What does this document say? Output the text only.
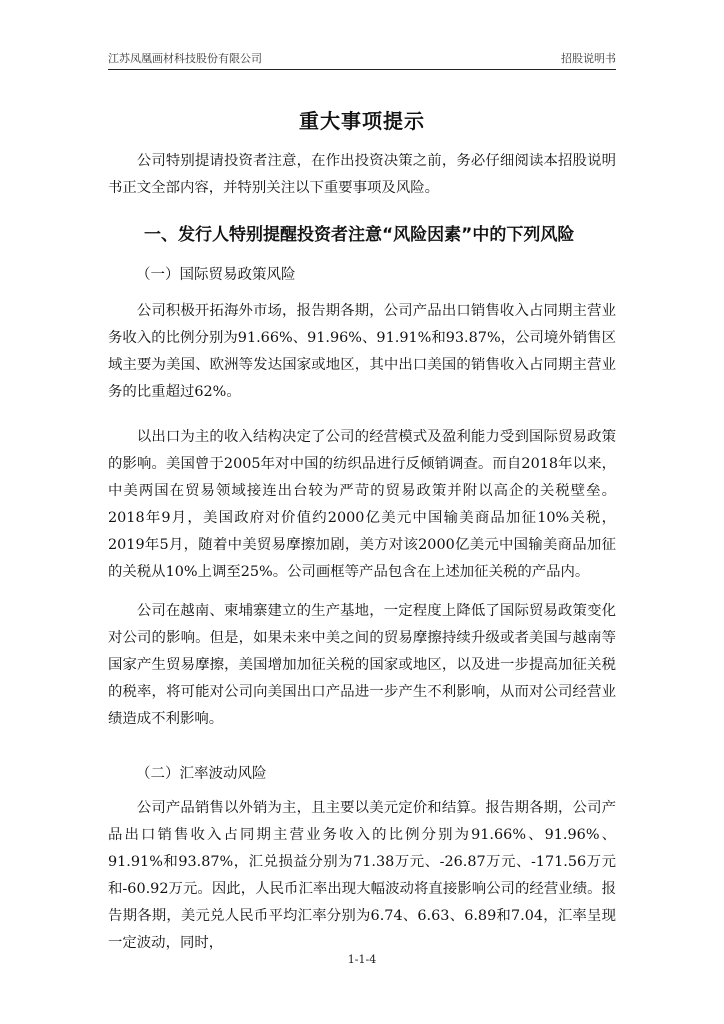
江苏凤凰画材科技股份有限公司	招股说明书
重大事项提示

公司特别提请投资者注意，在作出投资决策之前，务必仔细阅读本招股说明书正文全部内容，并特别关注以下重要事项及风险。

一、发行人特别提醒投资者注意“风险因素”中的下列风险
（一）国际贸易政策风险

公司积极开拓海外市场，报告期各期，公司产品出口销售收入占同期主营业务收入的比例分别为91.66%、91.96%、91.91%和93.87%，公司境外销售区域主要为美国、欧洲等发达国家或地区，其中出口美国的销售收入占同期主营业务的比重超过62%。

以出口为主的收入结构决定了公司的经营模式及盈利能力受到国际贸易政策的影响。美国曾于2005年对中国的纺织品进行反倾销调查。而自2018年以来，中美两国在贸易领域接连出台较为严苛的贸易政策并附以高企的关税壁垒。2018年9月，美国政府对价值约2000亿美元中国输美商品加征10%关税，2019年5月，随着中美贸易摩擦加剧，美方对该2000亿美元中国输美商品加征的关税从10%上调至25%。公司画框等产品包含在上述加征关税的产品内。

公司在越南、柬埔寨建立的生产基地，一定程度上降低了国际贸易政策变化对公司的影响。但是，如果未来中美之间的贸易摩擦持续升级或者美国与越南等国家产生贸易摩擦，美国增加加征关税的国家或地区，以及进一步提高加征关税的税率，将可能对公司向美国出口产品进一步产生不利影响，从而对公司经营业绩造成不利影响。

（二）汇率波动风险

公司产品销售以外销为主，且主要以美元定价和结算。报告期各期，公司产品出口销售收入占同期主营业务收入的比例分别为91.66%、91.96%、91.91%和93.87%，汇兑损益分别为71.38万元、-26.87万元、-171.56万元和-60.92万元。因此，人民币汇率出现大幅波动将直接影响公司的经营业绩。报告期各期，美元兑人民币平均汇率分别为6.74、6.63、6.89和7.04，汇率呈现一定波动，同时，

1-1-4
